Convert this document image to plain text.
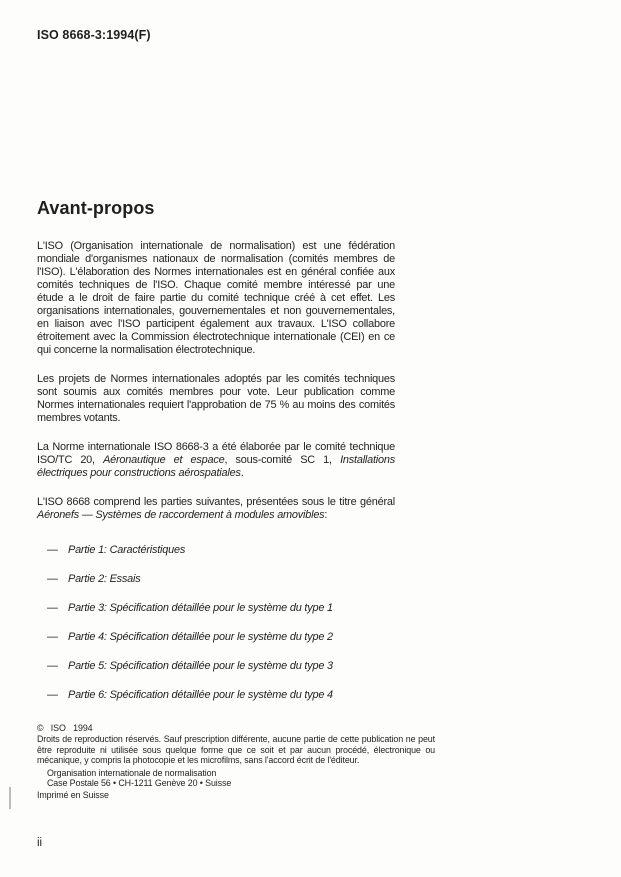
ISO 8668-3:1994(F)
Avant-propos

L'ISO (Organisation internationale de normalisation) est une fédération mondiale d'organismes nationaux de normalisation (comités membres de l'ISO). L'élaboration des Normes internationales est en général confiée aux comités techniques de l'ISO. Chaque comité membre intéressé par une étude a le droit de faire partie du comité technique créé à cet effet. Les organisations internationales, gouvernementales et non gouvernementales, en liaison avec l'ISO participent également aux travaux. L'ISO collabore étroitement avec la Commission électrotechnique internationale (CEI) en ce qui concerne la normalisation électrotechnique.

Les projets de Normes internationales adoptés par les comités techniques sont soumis aux comités membres pour vote. Leur publication comme Normes internationales requiert l'approbation de 75 % au moins des comités membres votants.

La Norme internationale ISO 8668-3 a été élaborée par le comité technique ISO/TC 20, Aéronautique et espace, sous-comité SC 1, Installations électriques pour constructions aérospatiales.

L'ISO 8668 comprend les parties suivantes, présentées sous le titre général Aéronefs — Systèmes de raccordement à modules amovibles:

— Partie 1: Caractéristiques
— Partie 2: Essais
— Partie 3: Spécification détaillée pour le système du type 1
— Partie 4: Spécification détaillée pour le système du type 2
— Partie 5: Spécification détaillée pour le système du type 3
— Partie 6: Spécification détaillée pour le système du type 4
© ISO 1994
Droits de reproduction réservés. Sauf prescription différente, aucune partie de cette publication ne peut être reproduite ni utilisée sous quelque forme que ce soit et par aucun procédé, électronique ou mécanique, y compris la photocopie et les microfilms, sans l'accord écrit de l'éditeur.
Organisation internationale de normalisation
Case Postale 56 • CH-1211 Genève 20 • Suisse
Imprimé en Suisse
ii
